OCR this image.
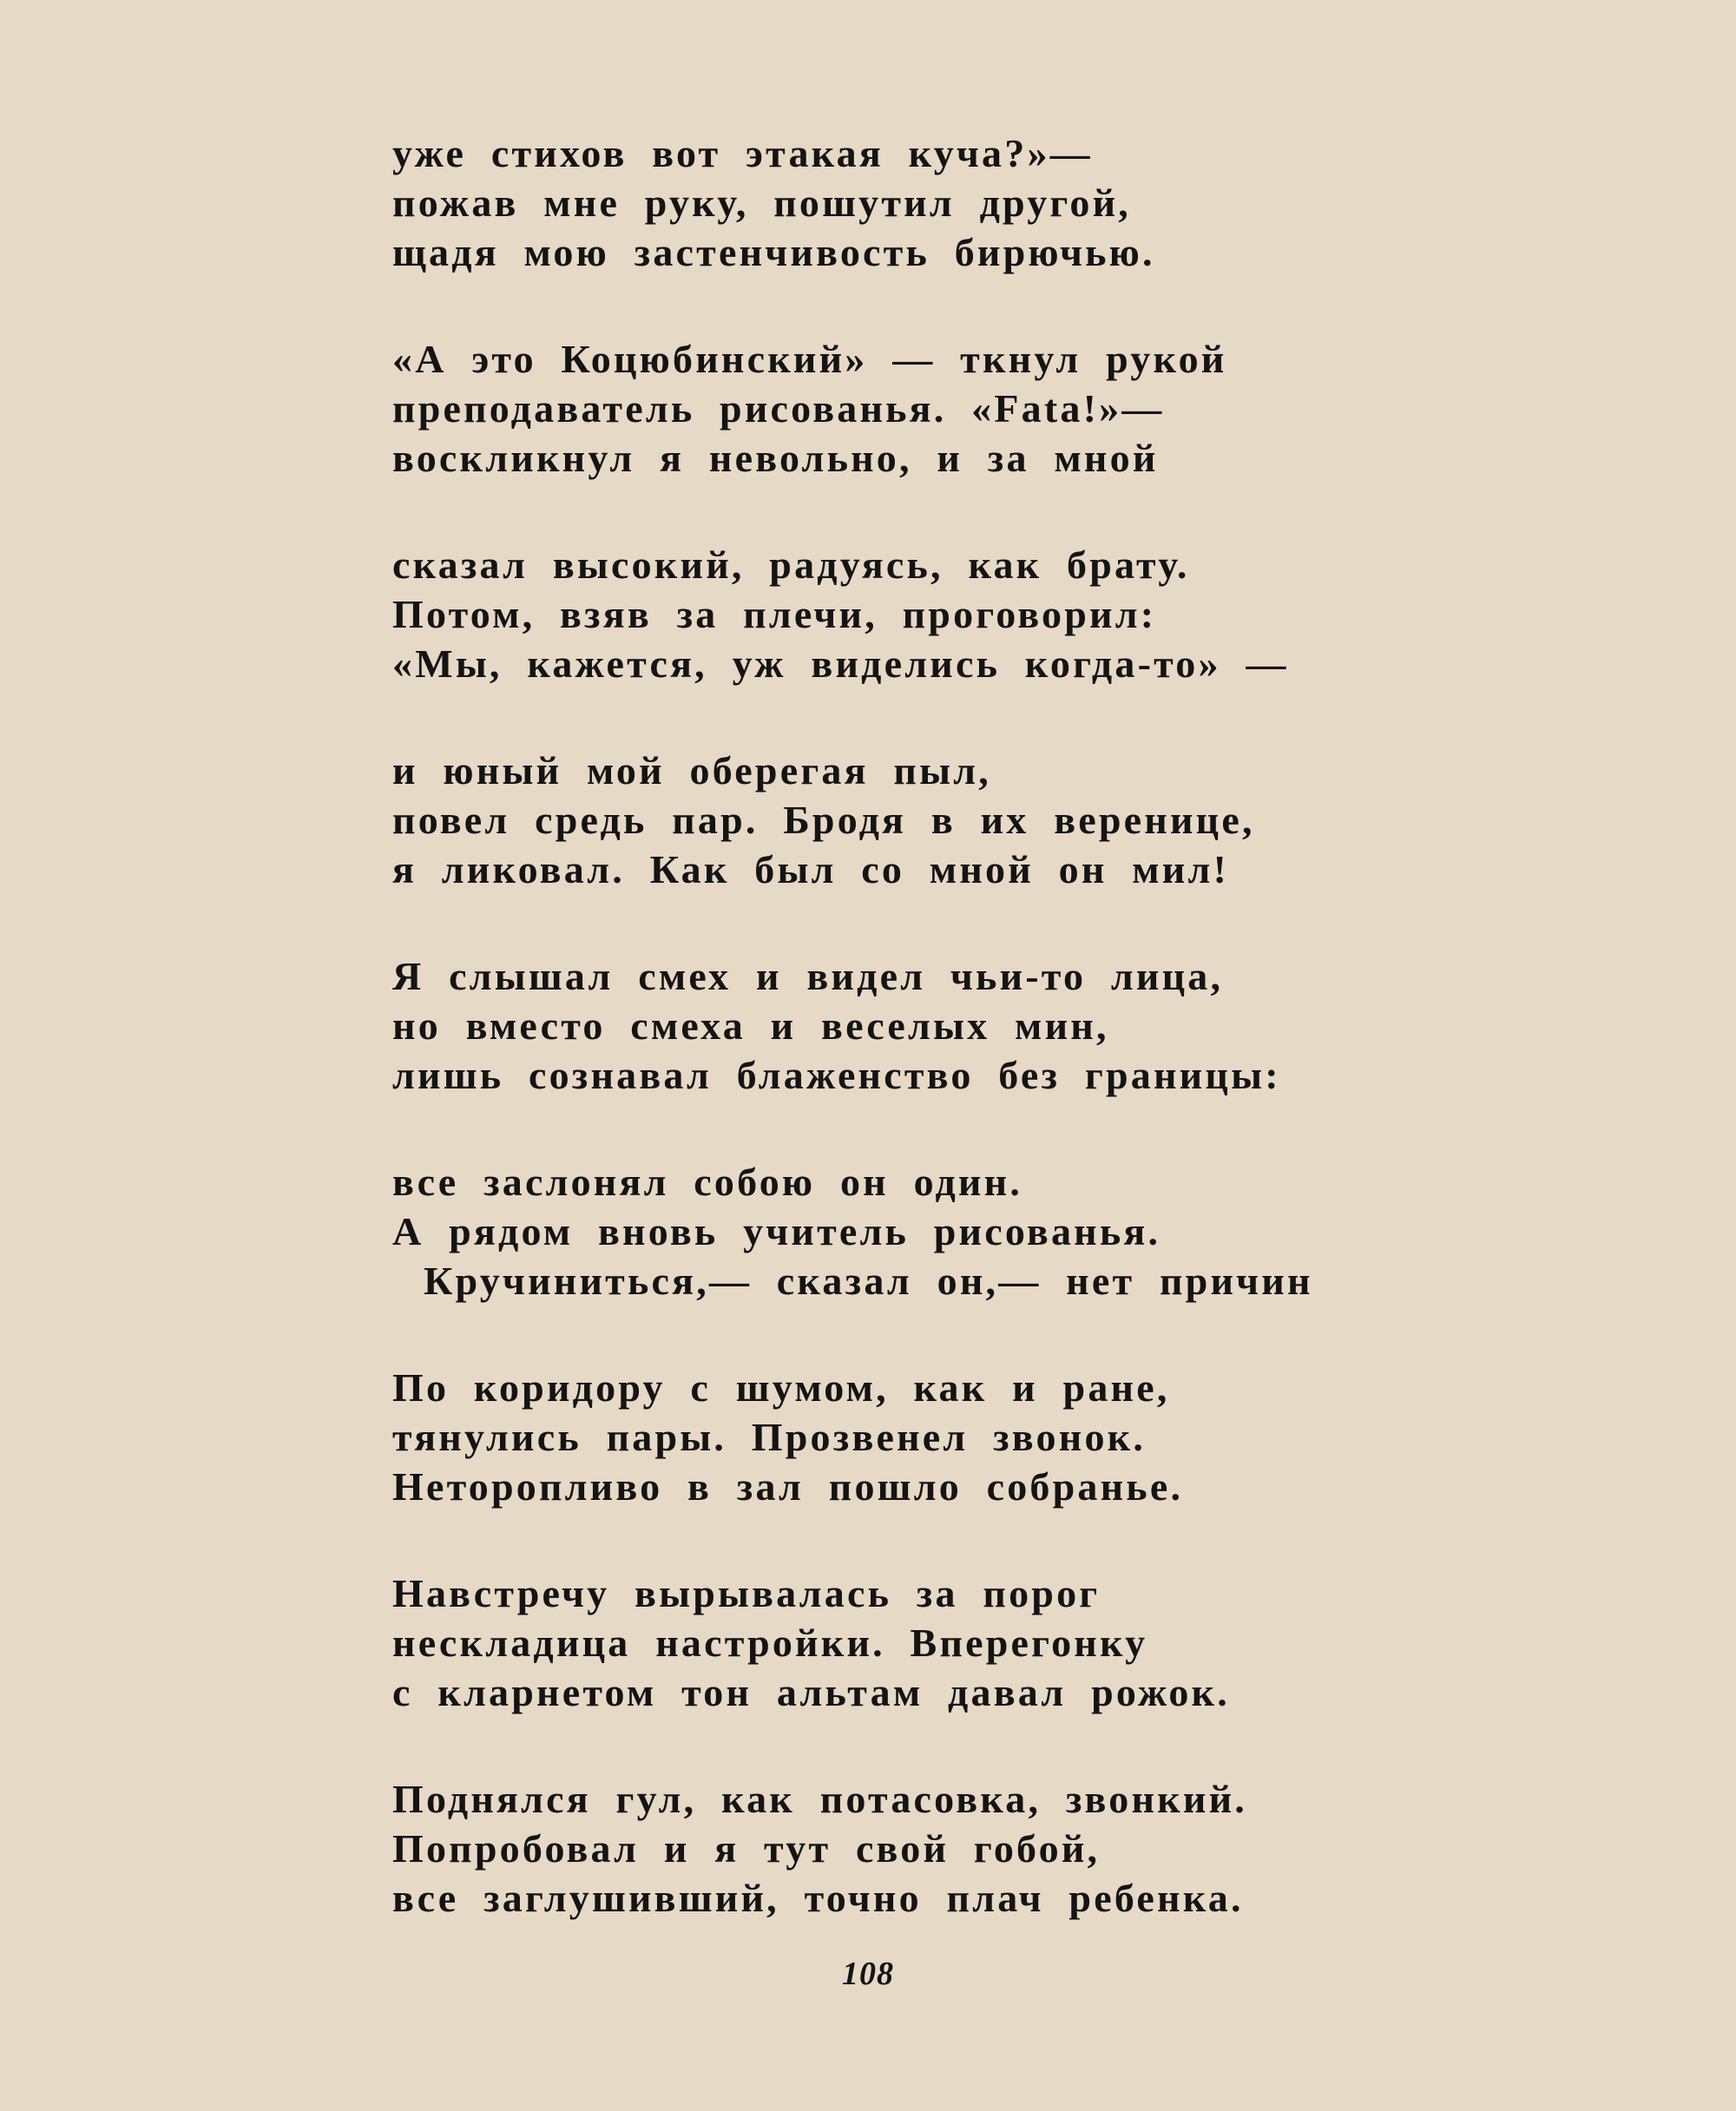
уже стихов вот этакая куча?»—
пожав мне руку, пошутил другой,
щадя мою застенчивость бирючью.
«А это Коцюбинский» — ткнул рукой
преподаватель рисованья. «Fata!»—
воскликнул я невольно, и за мной
сказал высокий, радуясь, как брату.
Потом, взяв за плечи, проговорил:
«Мы, кажется, уж виделись когда-то» —
и юный мой оберегая пыл,
повел средь пар. Бродя в их веренице,
я ликовал. Как был со мной он мил!
Я слышал смех и видел чьи-то лица,
но вместо смеха и веселых мин,
лишь сознавал блаженство без границы:
все заслонял собою он один.
А рядом вновь учитель рисованья.
Кручиниться,— сказал он,— нет причин
По коридору с шумом, как и ране,
тянулись пары. Прозвенел звонок.
Неторопливо в зал пошло собранье.
Навстречу вырывалась за порог
нескладица настройки. Вперегонку
с кларнетом тон альтам давал рожок.
Поднялся гул, как потасовка, звонкий.
Попробовал и я тут свой гобой,
все заглушивший, точно плач ребенка.
108
